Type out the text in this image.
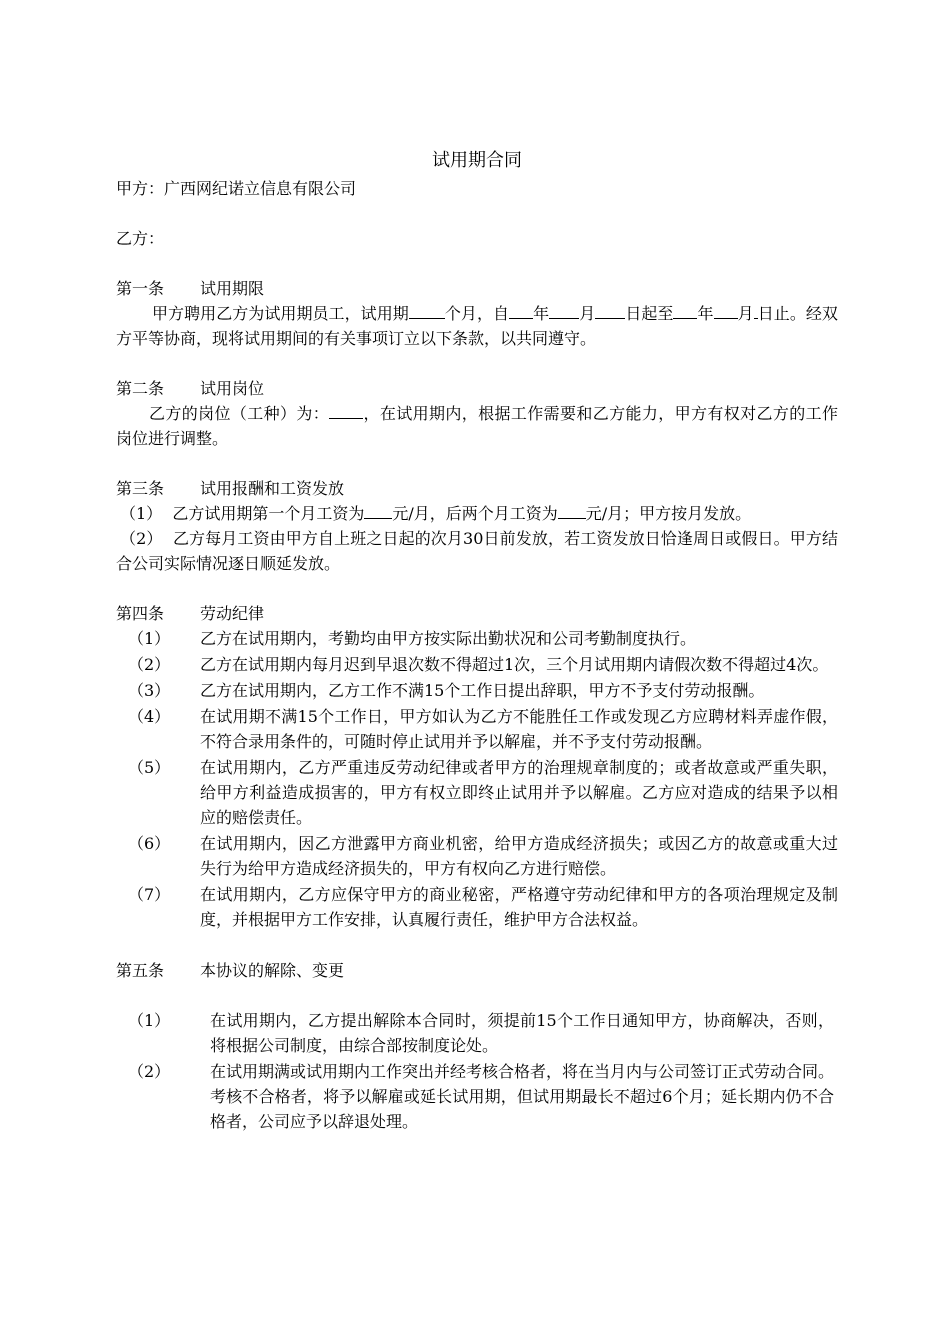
试用期合同
甲方：广西网纪诺立信息有限公司
乙方：
第一条 试用期限
甲方聘用乙方为试用期员工，试用期 个月，自 年 月 日起至 年 月 日止。经双方平等协商，现将试用期间的有关事项订立以下条款，以共同遵守。
第二条 试用岗位
乙方的岗位（工种）为： ，在试用期内，根据工作需要和乙方能力，甲方有权对乙方的工作岗位进行调整。
第三条 试用报酬和工资发放
（1） 乙方试用期第一个月工资为 元/月，后两个月工资为 元/月；甲方按月发放。
（2） 乙方每月工资由甲方自上班之日起的次月30日前发放，若工资发放日恰逢周日或假日。甲方结合公司实际情况逐日顺延发放。
第四条 劳动纪律
（1）	乙方在试用期内，考勤均由甲方按实际出勤状况和公司考勤制度执行。
（2）	乙方在试用期内每月迟到早退次数不得超过1次，三个月试用期内请假次数不得超过4次。
（3）	乙方在试用期内，乙方工作不满15个工作日提出辞职，甲方不予支付劳动报酬。
（4）	在试用期不满15个工作日，甲方如认为乙方不能胜任工作或发现乙方应聘材料弄虚作假，不符合录用条件的，可随时停止试用并予以解雇，并不予支付劳动报酬。
（5）	在试用期内，乙方严重违反劳动纪律或者甲方的治理规章制度的；或者故意或严重失职，给甲方利益造成损害的，甲方有权立即终止试用并予以解雇。乙方应对造成的结果予以相应的赔偿责任。
（6）	在试用期内，因乙方泄露甲方商业机密，给甲方造成经济损失；或因乙方的故意或重大过失行为给甲方造成经济损失的，甲方有权向乙方进行赔偿。
（7）	在试用期内，乙方应保守甲方的商业秘密，严格遵守劳动纪律和甲方的各项治理规定及制度，并根据甲方工作安排，认真履行责任，维护甲方合法权益。
第五条 本协议的解除、变更
（1）	在试用期内，乙方提出解除本合同时，须提前15个工作日通知甲方，协商解决，否则，将根据公司制度，由综合部按制度论处。
（2）	在试用期满或试用期内工作突出并经考核合格者，将在当月内与公司签订正式劳动合同。考核不合格者，将予以解雇或延长试用期，但试用期最长不超过6个月；延长期内仍不合格者，公司应予以辞退处理。
